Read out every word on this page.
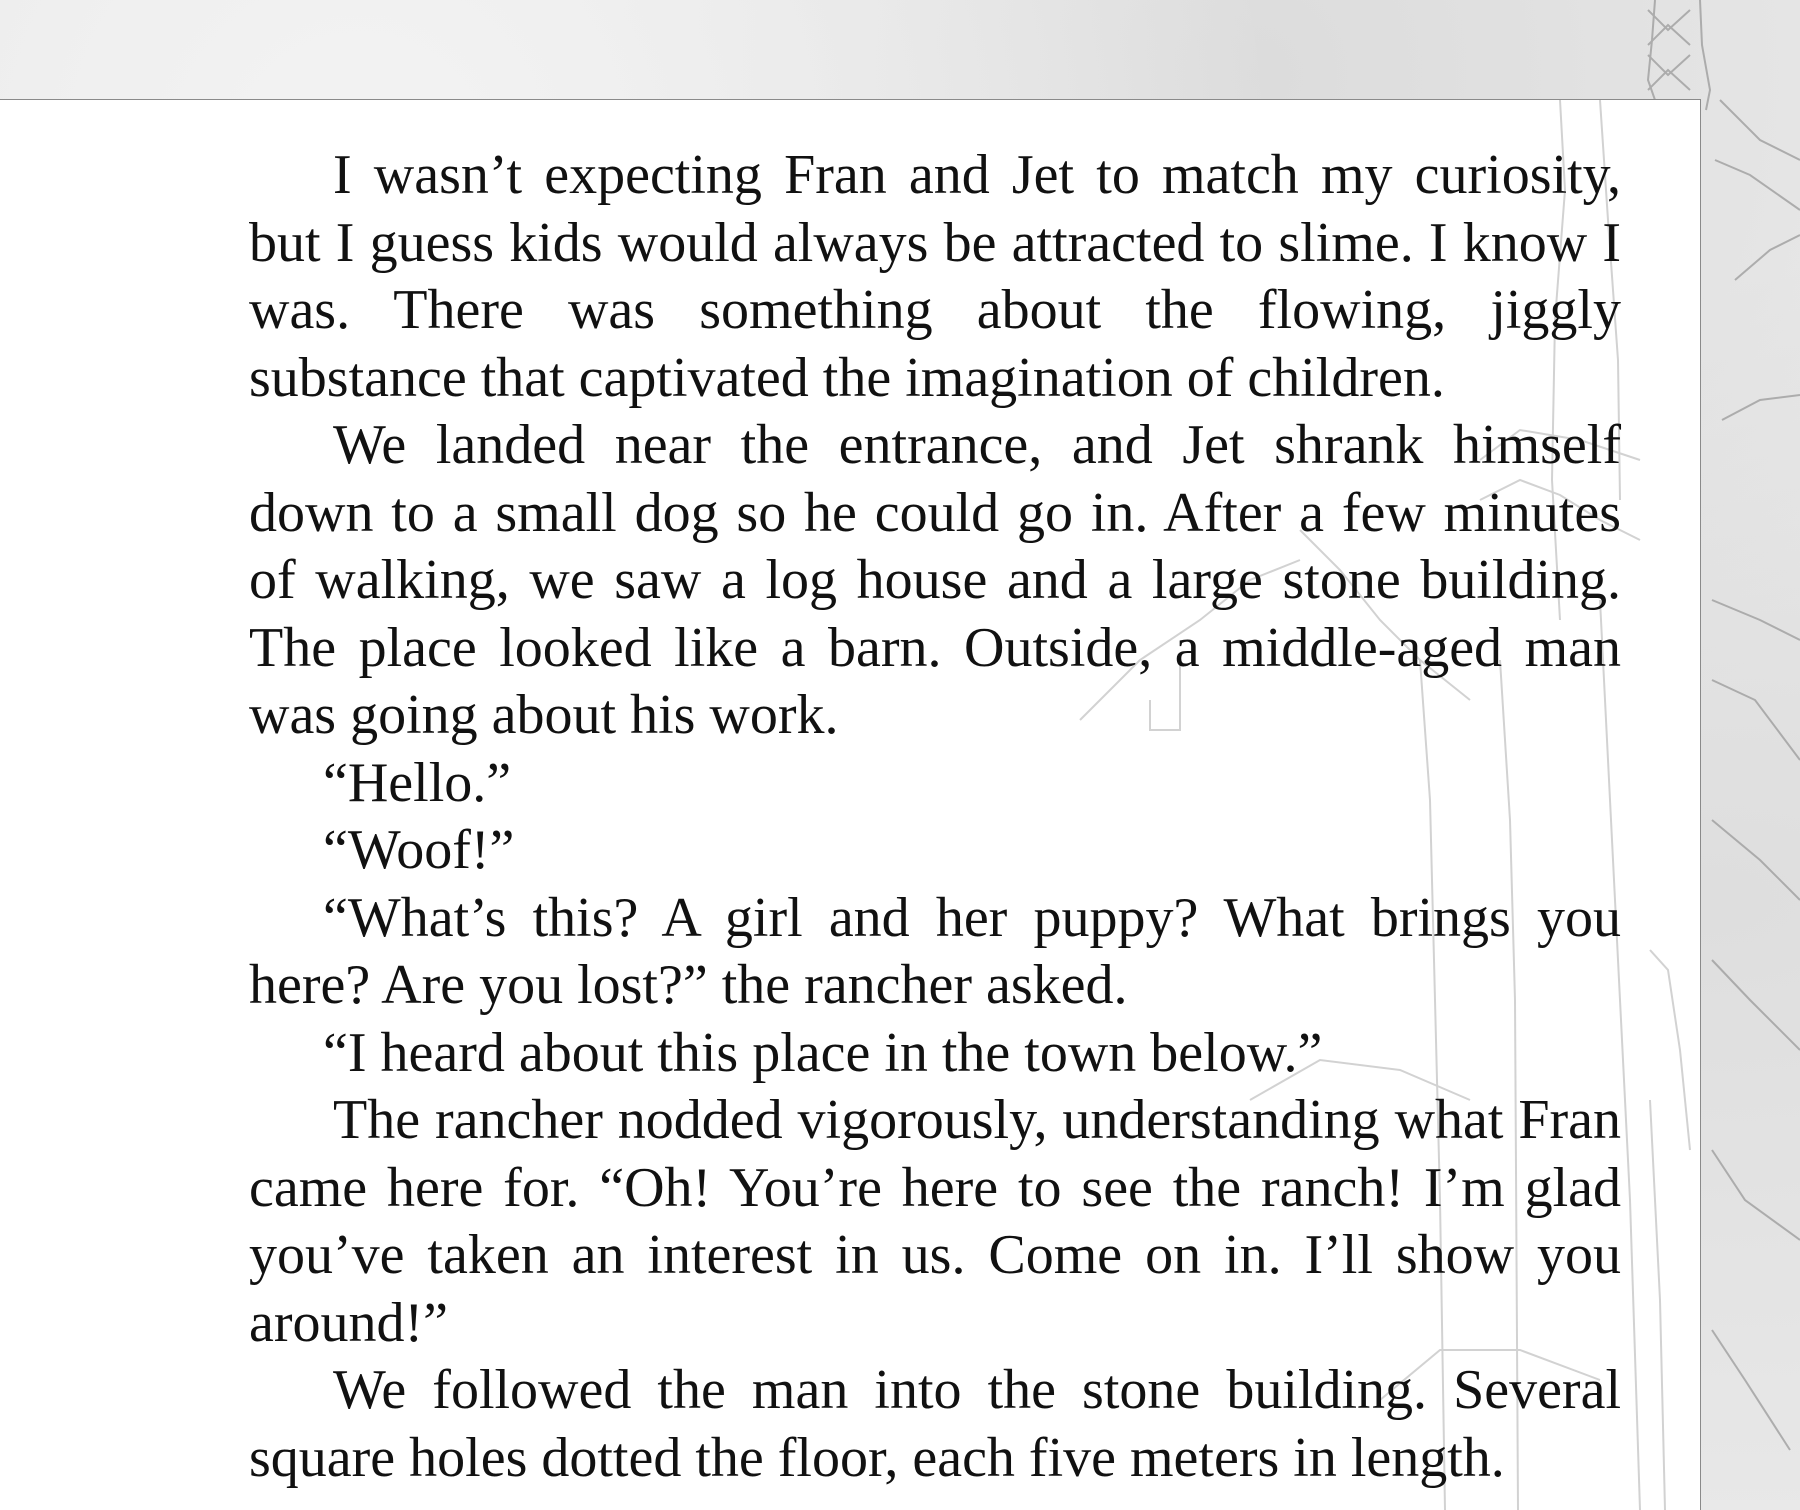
I wasn’t expecting Fran and Jet to match my curiosity, but I guess kids would always be attracted to slime. I know I was. There was something about the flowing, jiggly substance that captivated the imagination of children.

We landed near the entrance, and Jet shrank himself down to a small dog so he could go in. After a few minutes of walking, we saw a log house and a large stone building. The place looked like a barn. Outside, a middle-aged man was going about his work.

“Hello.”

“Woof!”

“What’s this? A girl and her puppy? What brings you here? Are you lost?” the rancher asked.

“I heard about this place in the town below.”

The rancher nodded vigorously, understanding what Fran came here for. “Oh! You’re here to see the ranch! I’m glad you’ve taken an interest in us. Come on in. I’ll show you around!”

We followed the man into the stone building. Several square holes dotted the floor, each five meters in length.
